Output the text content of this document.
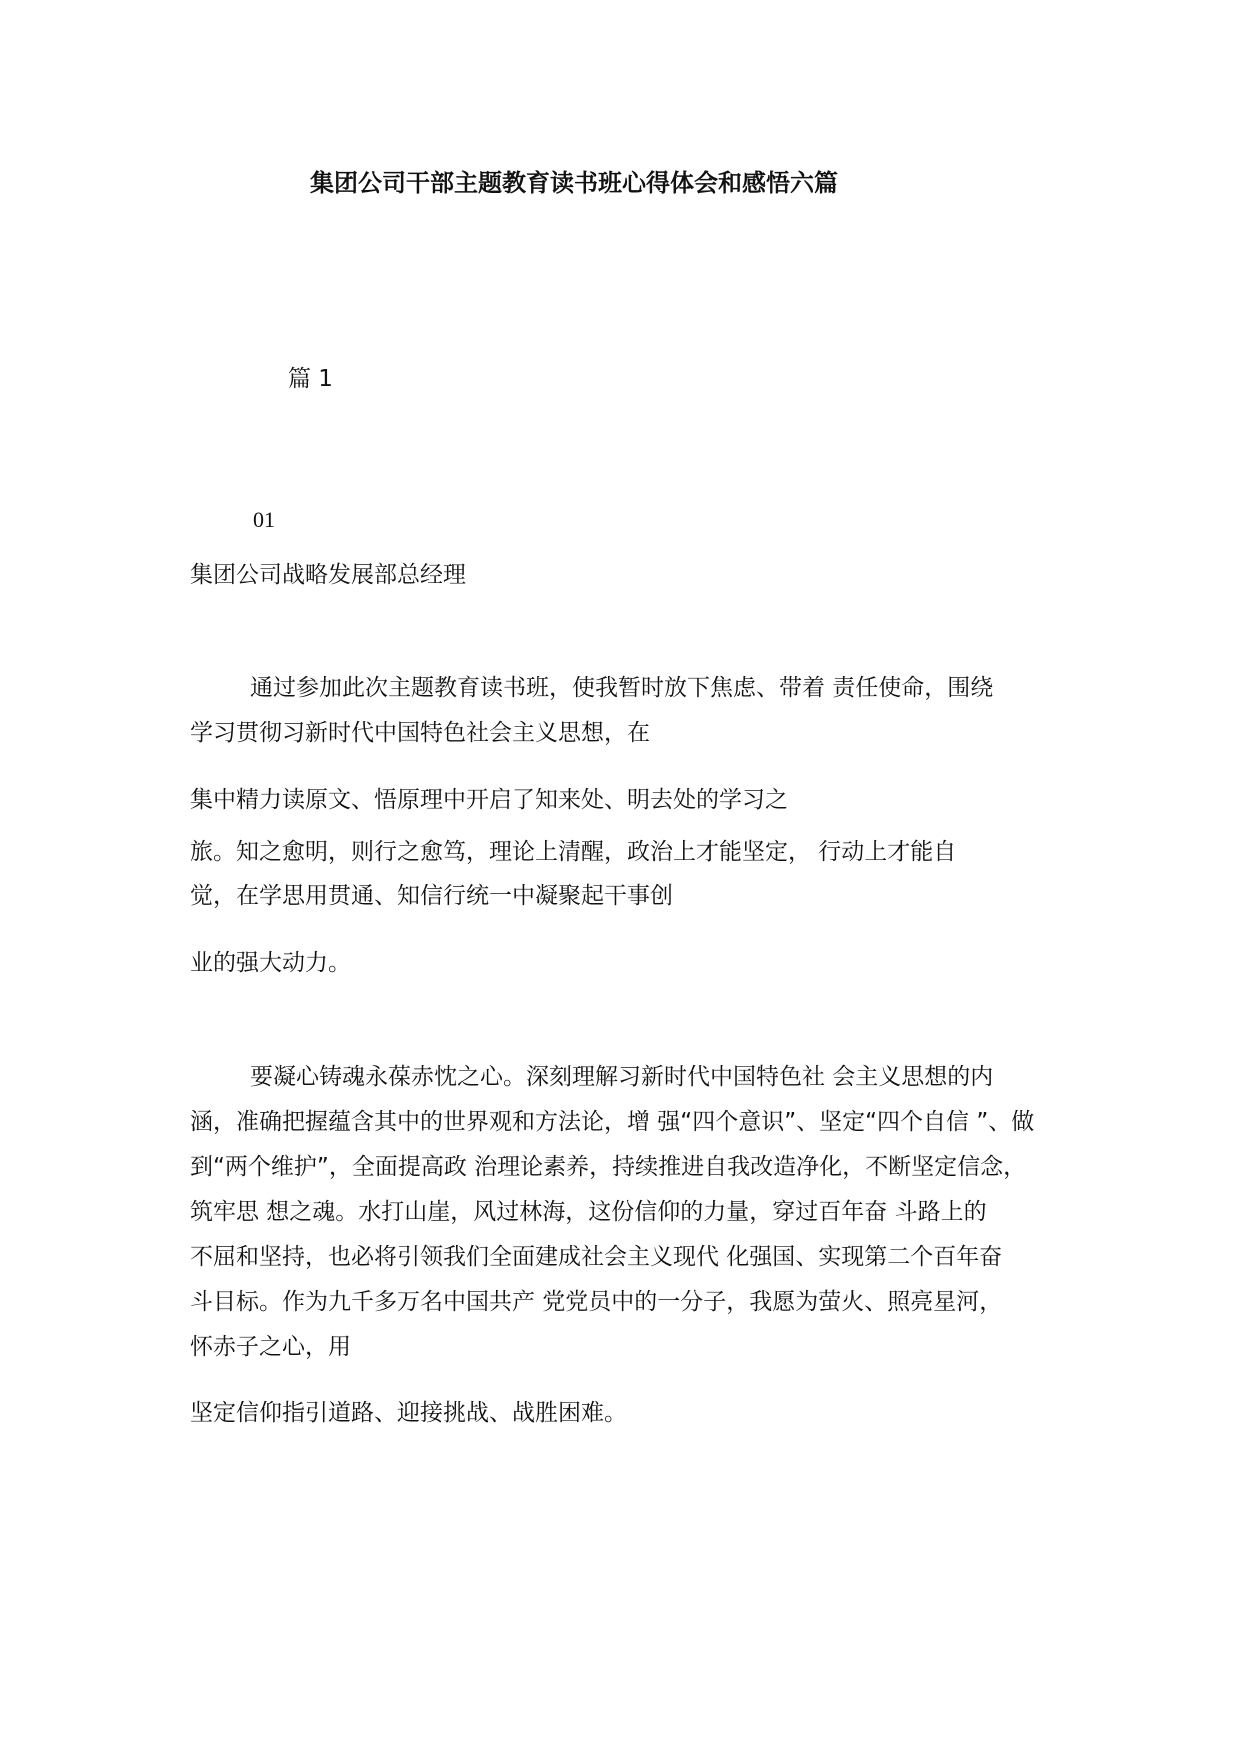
集团公司干部主题教育读书班心得体会和感悟六篇
篇 1
01
集团公司战略发展部总经理
通过参加此次主题教育读书班，使我暂时放下焦虑、带着 责任使命，围绕
学习贯彻习新时代中国特色社会主义思想，在
集中精力读原文、悟原理中开启了知来处、明去处的学习之
旅。知之愈明，则行之愈笃，理论上清醒，政治上才能坚定， 行动上才能自
觉，在学思用贯通、知信行统一中凝聚起干事创
业的强大动力。
要凝心铸魂永葆赤忱之心。深刻理解习新时代中国特色社 会主义思想的内
涵，准确把握蕴含其中的世界观和方法论，增 强“四个意识”、坚定“四个自信 ”、做
到“两个维护”，全面提高政 治理论素养，持续推进自我改造净化，不断坚定信念，
筑牢思 想之魂。水打山崖，风过林海，这份信仰的力量，穿过百年奋 斗路上的
不屈和坚持，也必将引领我们全面建成社会主义现代 化强国、实现第二个百年奋
斗目标。作为九千多万名中国共产 党党员中的一分子，我愿为萤火、照亮星河，
怀赤子之心，用
坚定信仰指引道路、迎接挑战、战胜困难。
